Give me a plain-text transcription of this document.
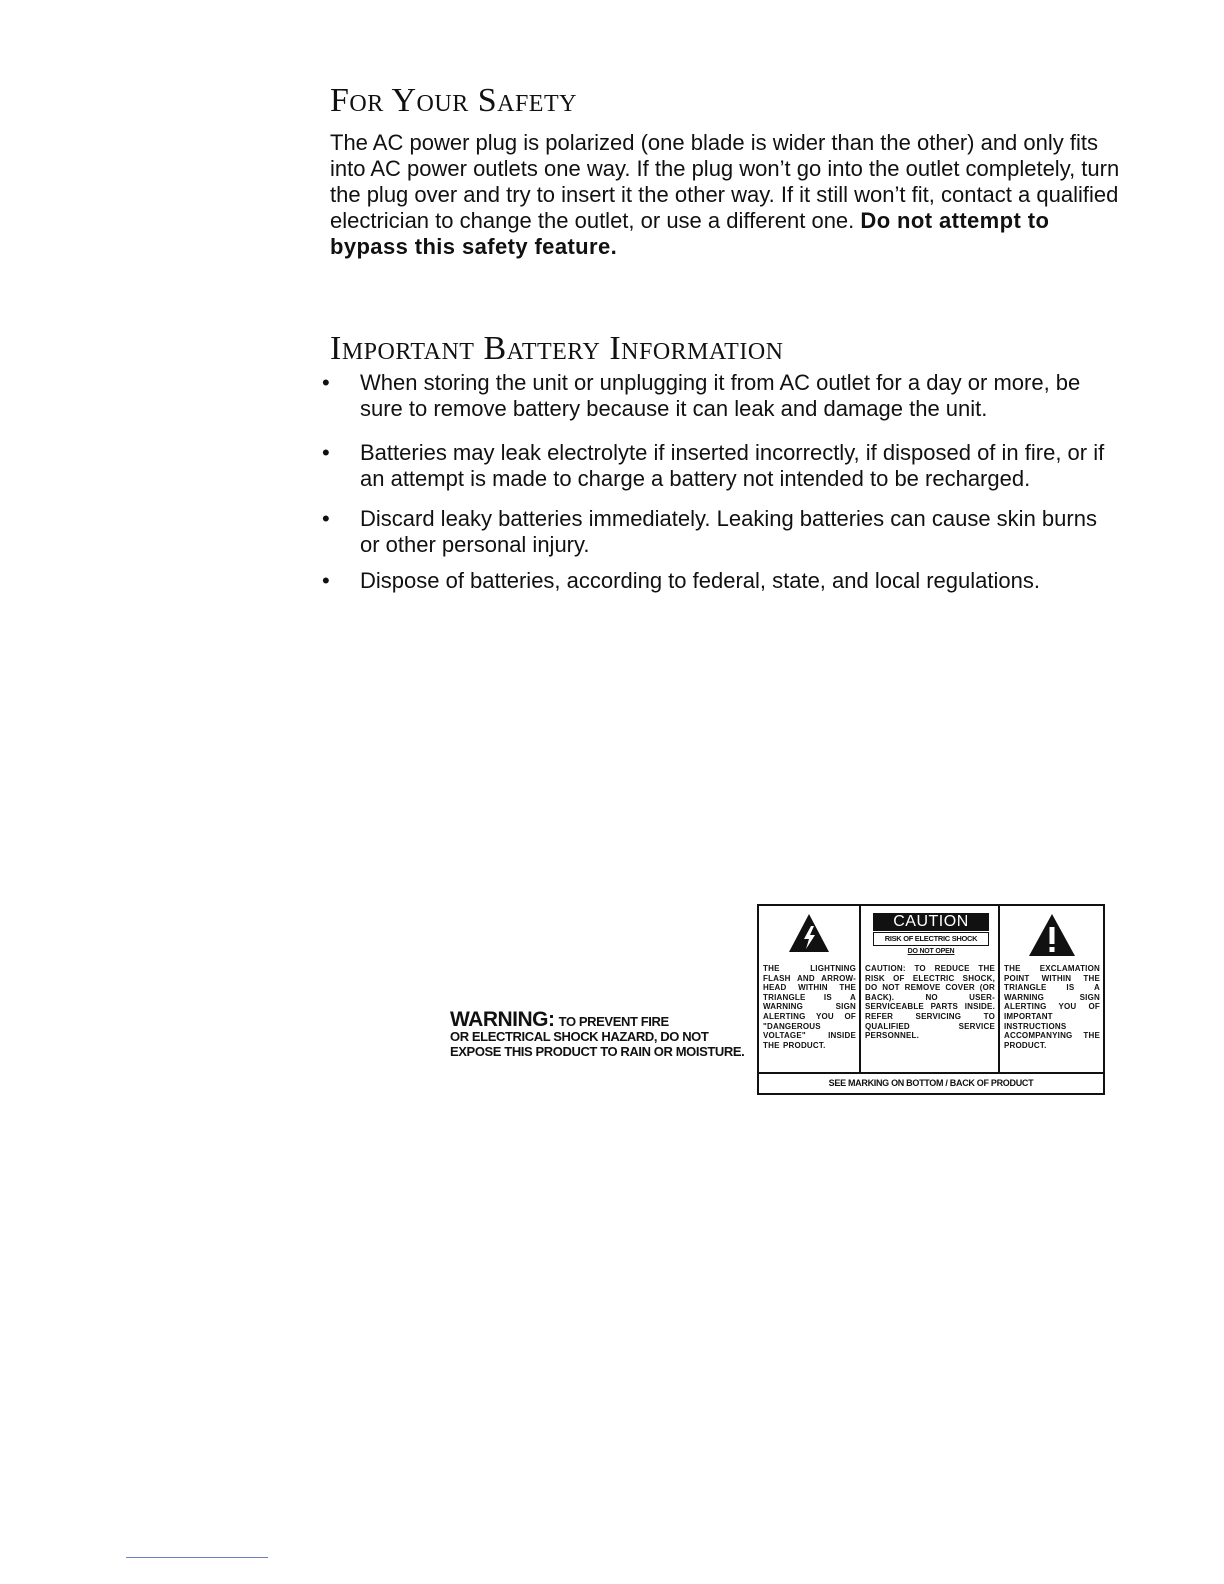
For Your Safety

The AC power plug is polarized (one blade is wider than the other) and only fits into AC power outlets one way. If the plug won’t go into the outlet completely, turn the plug over and try to insert it the other way. If it still won’t fit, contact a qualified electrician to change the outlet, or use a different one. Do not attempt to bypass this safety feature.

Important Battery Information
• When storing the unit or unplugging it from AC outlet for a day or more, be sure to remove battery because it can leak and damage the unit.
• Batteries may leak electrolyte if inserted incorrectly, if disposed of in fire, or if an attempt is made to charge a battery not intended to be recharged.
• Discard leaky batteries immediately. Leaking batteries can cause skin burns or other personal injury.
• Dispose of batteries, according to federal, state, and local regulations.
WARNING: TO PREVENT FIRE
OR ELECTRICAL SHOCK HAZARD, DO NOT EXPOSE THIS PRODUCT TO RAIN OR MOISTURE.
THE LIGHTNING FLASH AND ARROW-HEAD WITHIN THE TRIANGLE IS A WARNING SIGN ALERTING YOU OF "DANGEROUS VOLTAGE" INSIDE THE PRODUCT.
CAUTION
RISK OF ELECTRIC SHOCK
DO NOT OPEN
CAUTION: TO REDUCE THE RISK OF ELECTRIC SHOCK, DO NOT REMOVE COVER (OR BACK). NO USER-SERVICEABLE PARTS INSIDE. REFER SERVICING TO QUALIFIED SERVICE PERSONNEL.
THE EXCLAMATION POINT WITHIN THE TRIANGLE IS A WARNING SIGN ALERTING YOU OF IMPORTANT INSTRUCTIONS ACCOMPANYING THE PRODUCT.
SEE MARKING ON BOTTOM / BACK OF PRODUCT
